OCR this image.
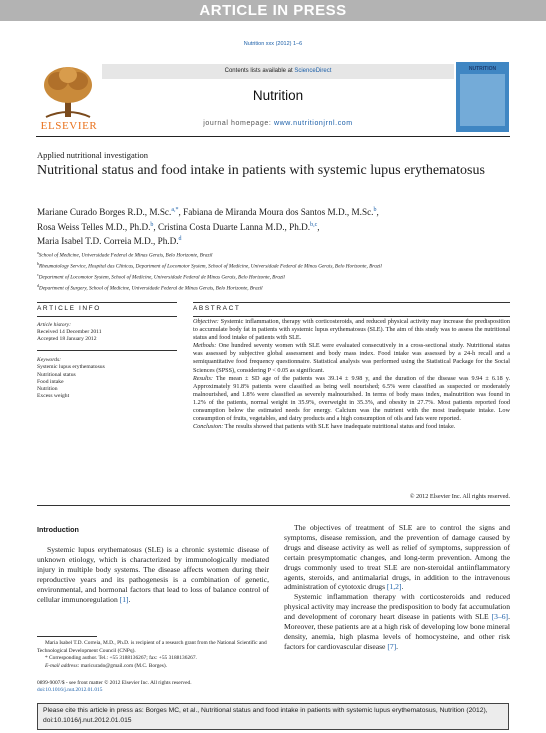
ARTICLE IN PRESS
Nutrition xxx (2012) 1–6
ELSEVIER
Contents lists available at ScienceDirect
Nutrition
journal homepage: www.nutritionjrnl.com
NUTRITION
Applied nutritional investigation
Nutritional status and food intake in patients with systemic lupus erythematosus
Mariane Curado Borges R.D., M.Sc.$^{a,*}$, Fabiana de Miranda Moura dos Santos M.D., M.Sc.$^b$,
Rosa Weiss Telles M.D., Ph.D.$^b$, Cristina Costa Duarte Lanna M.D., Ph.D.$^{b,c}$,
Maria Isabel T.D. Correia M.D., Ph.D.$^d$
$^a$School of Medicine, Universidade Federal de Minas Gerais, Belo Horizonte, Brazil
$^b$Rheumatology Service, Hospital das Clínicas, Department of Locomotor System, School of Medicine, Universidade Federal de Minas Gerais, Belo Horizonte, Brazil
$^c$Department of Locomotor System, School of Medicine, Universidade Federal de Minas Gerais, Belo Horizonte, Brazil
$^d$Department of Surgery, School of Medicine, Universidade Federal de Minas Gerais, Belo Horizonte, Brazil
ARTICLE INFO	ABSTRACT
Article history:
Received 14 December 2011
Accepted 18 January 2012
Keywords:
Systemic lupus erythematosus
Nutritional status
Food intake
Nutrition
Excess weight

Objective: Systemic inflammation, therapy with corticosteroids, and reduced physical activity may increase the predisposition to accumulate body fat in patients with systemic lupus erythematosus (SLE). The aim of this study was to assess the nutritional status and food intake of patients with SLE.

Methods: One hundred seventy women with SLE were evaluated consecutively in a cross-sectional study. Nutritional status was assessed by subjective global assessment and body mass index. Food intake was assessed by a 24-h recall and a semiquantitative food frequency questionnaire. Statistical analysis was performed using the Statistical Package for the Social Sciences (SPSS), considering P < 0.05 as significant.

Results: The mean ± SD age of the patients was 39.14 ± 9.98 y, and the duration of the disease was 9.94 ± 6.18 y. Approximately 91.8% patients were classified as being well nourished; 6.5% were classified as suspected or moderately malnourished, and 1.8% were classified as severely malnourished. In terms of body mass index, malnutrition was found in 1.2% of the patients, normal weight in 35.9%, overweight in 35.3%, and obesity in 27.7%. Most patients reported food consumption below the estimated needs for energy. Calcium was the nutrient with the most inadequate intake. Low consumption of fruits, vegetables, and dairy products and a high consumption of oils and fats were reported.

Conclusion: The results showed that patients with SLE have inadequate nutritional status and food intake.

© 2012 Elsevier Inc. All rights reserved.
Introduction
Systemic lupus erythematosus (SLE) is a chronic systemic disease of unknown etiology, which is characterized by immunologically mediated injury in multiple body systems. The disease affects women during their reproductive years and its pathogenesis is a combination of genetic, environmental, and hormonal factors that lead to loss of balance control of cellular immunoregulation [1].

The objectives of treatment of SLE are to control the signs and symptoms, disease remission, and the prevention of damage caused by drugs and disease activity as well as relief of symptoms, suppression of certain presymptomatic changes, and long-term prevention. Among the drugs commonly used to treat SLE are non-steroidal antiinflammatory agents, steroids, and antimalarial drugs, in addition to the intravenous administration of cytotoxic drugs [1,2].

Systemic inflammation therapy with corticosteroids and reduced physical activity may increase the predisposition to body fat accumulation and development of coronary heart disease in patients with SLE [3–6]. Moreover, these patients are at a high risk of developing low bone mineral density, anemia, high plasma levels of homocysteine, and other risk factors for cardiovascular disease [7].

Maria Isabel T.D. Correia, M.D., Ph.D. is recipient of a research grant from the National Scientific and Technological Development Council (CNPq).
* Corresponding author. Tel.: +55 3188136267; fax: +55 3188136267.
E-mail address: maricurado@gmail.com (M.C. Borges).
0899-9007/$ - see front matter © 2012 Elsevier Inc. All rights reserved.
doi:10.1016/j.nut.2012.01.015
Please cite this article in press as: Borges MC, et al., Nutritional status and food intake in patients with systemic lupus erythematosus, Nutrition (2012), doi:10.1016/j.nut.2012.01.015
